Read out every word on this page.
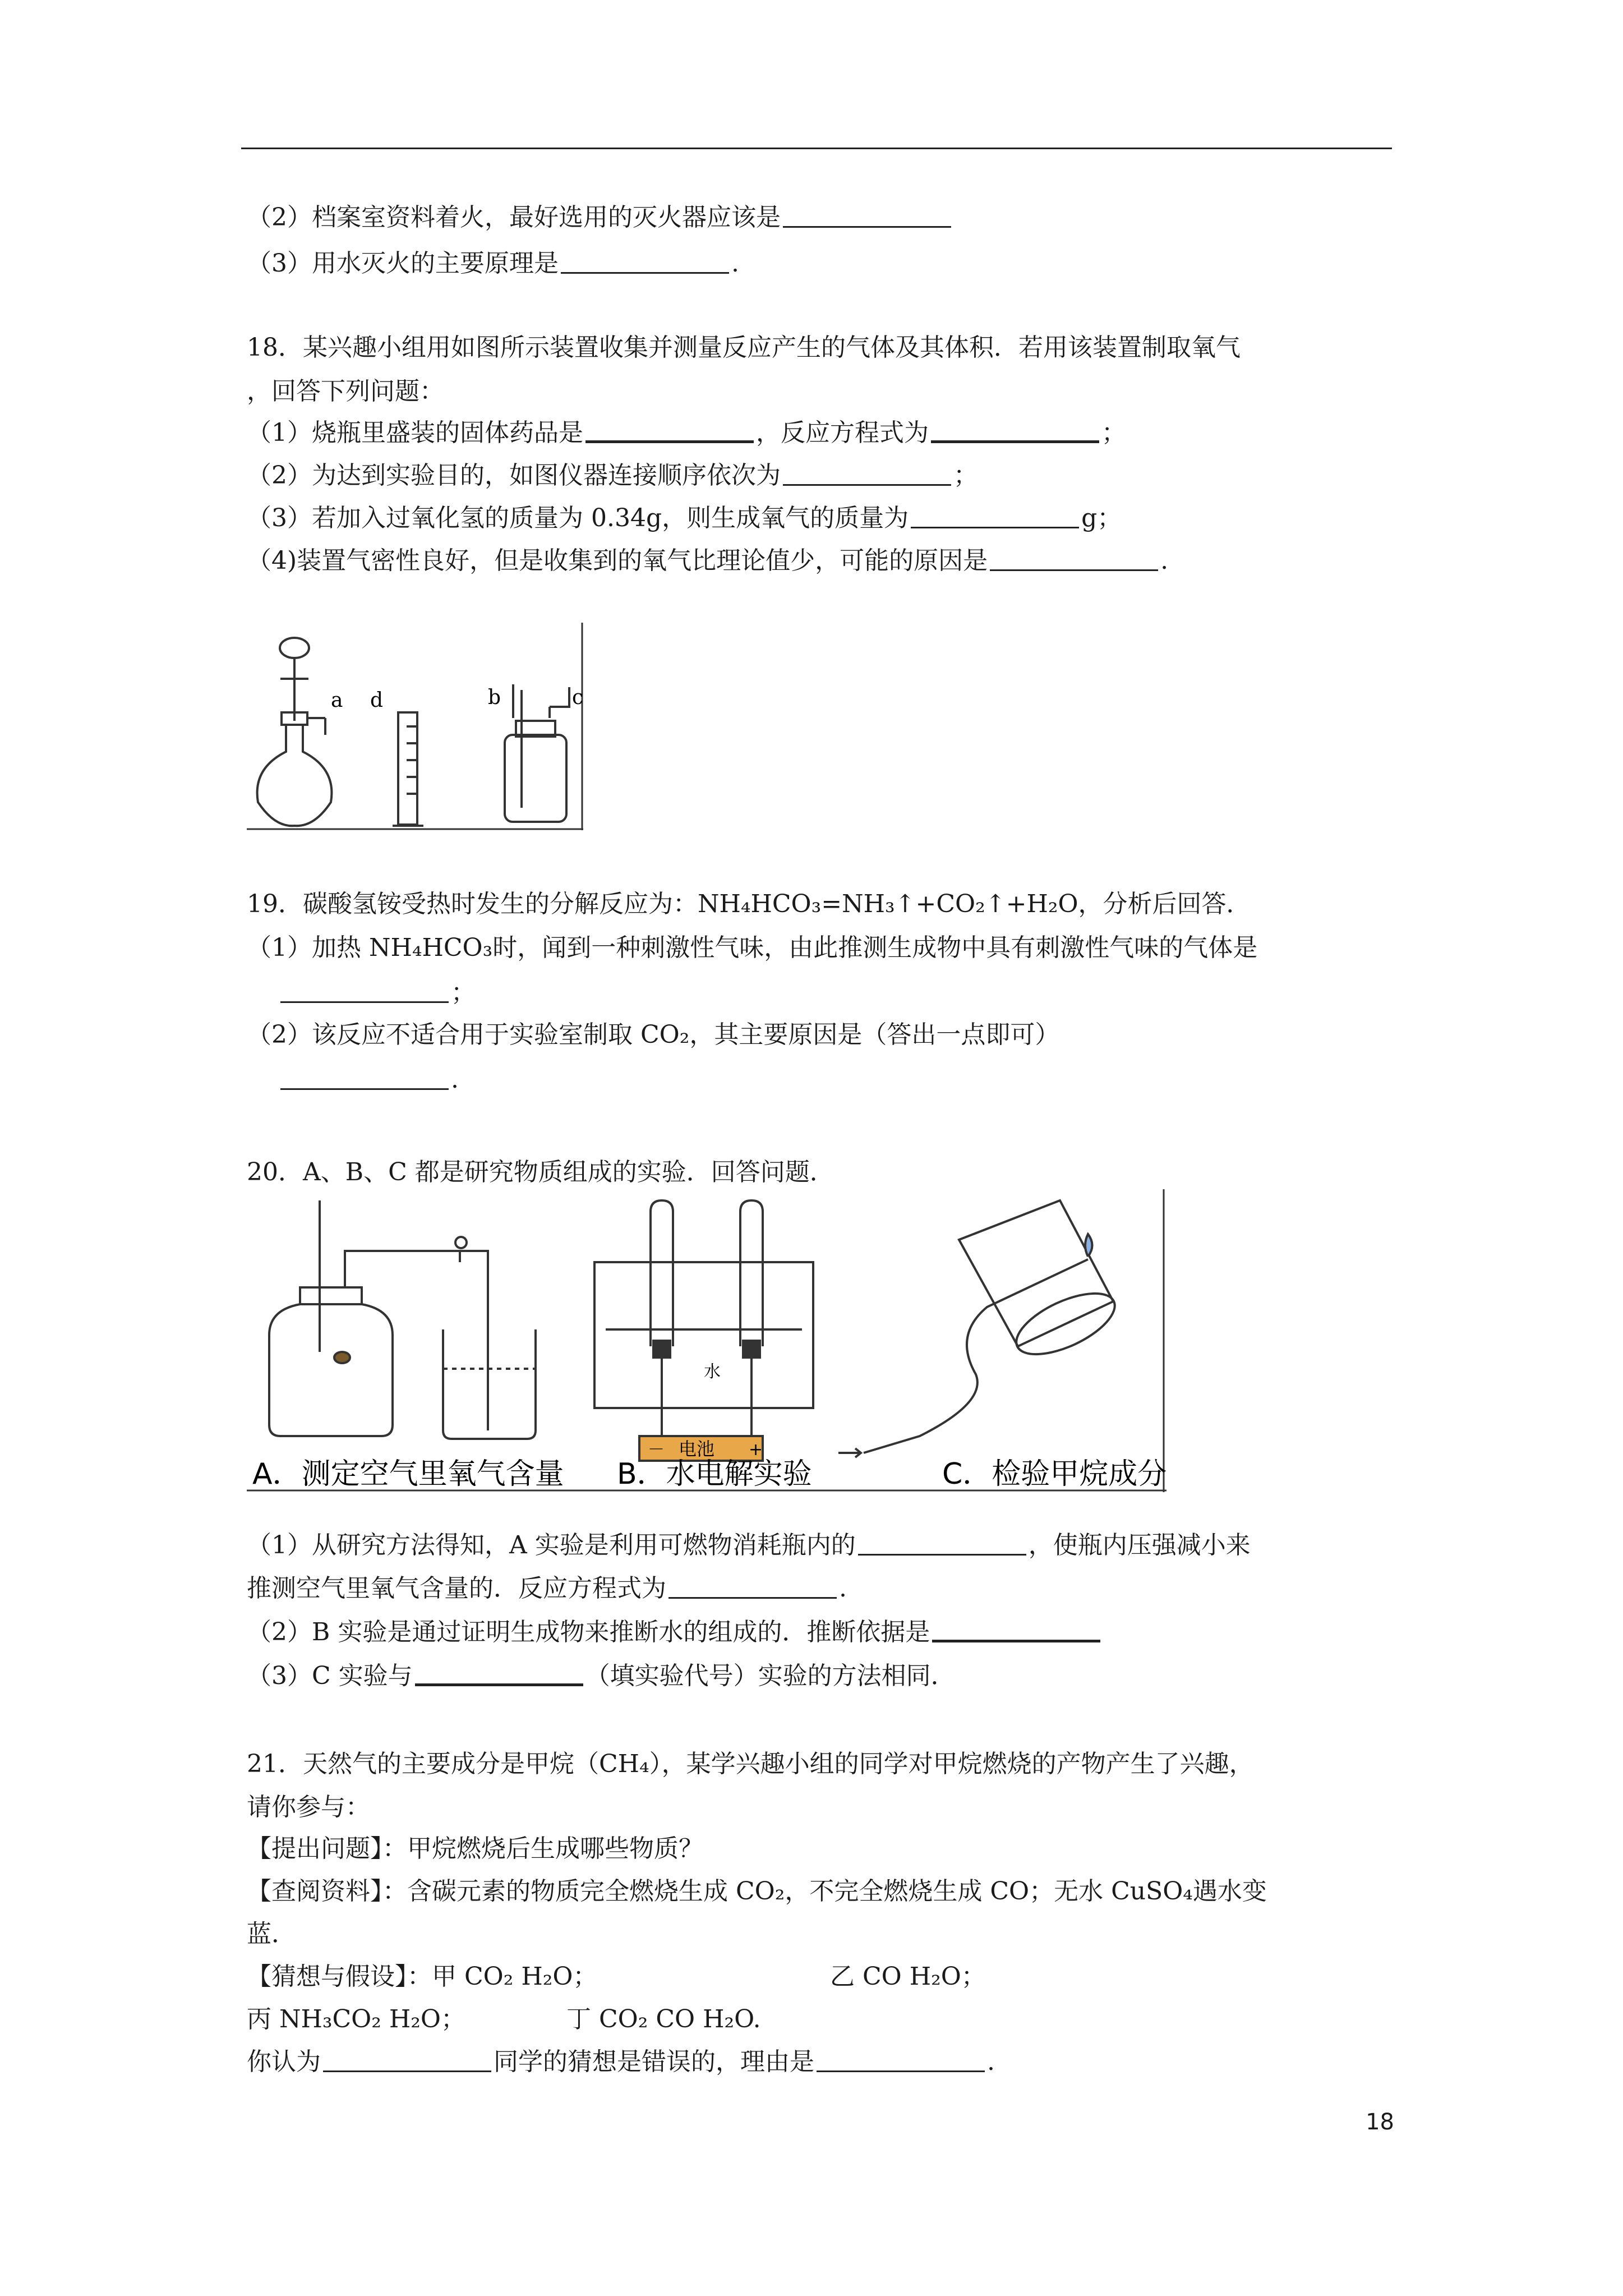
（2）档案室资料着火，最好选用的灭火器应该是
（3）用水灭火的主要原理是	.
18．某兴趣小组用如图所示装置收集并测量反应产生的气体及其体积．若用该装置制取氧气
，回答下列问题：
（1）烧瓶里盛装的固体药品是	，反应方程式为	；
（2）为达到实验目的，如图仪器连接顺序依次为	；
（3）若加入过氧化氢的质量为 0.34g，则生成氧气的质量为	g；
（4)装置气密性良好，但是收集到的氧气比理论值少，可能的原因是	.
a d	b	c
19．碳酸氢铵受热时发生的分解反应为：NH₄HCO₃=NH₃↑+CO₂↑+H₂O，分析后回答．
（1）加热 NH₄HCO₃时，闻到一种刺激性气味，由此推测生成物中具有刺激性气味的气体是
；
（2）该反应不适合用于实验室制取 CO₂，其主要原因是（答出一点即可）
.
20．A、B、C 都是研究物质组成的实验．回答问题．
水
电池
－	+
A．测定空气里氧气含量 B．水电解实验	C．检验甲烷成分
（1）从研究方法得知，A 实验是利用可燃物消耗瓶内的	，使瓶内压强减小来
推测空气里氧气含量的．反应方程式为	.
（2）B 实验是通过证明生成物来推断水的组成的．推断依据是
（3）C 实验与	（填实验代号）实验的方法相同．
21．天然气的主要成分是甲烷（CH₄），某学兴趣小组的同学对甲烷燃烧的产物产生了兴趣，
请你参与：
【提出问题】：甲烷燃烧后生成哪些物质？
【查阅资料】：含碳元素的物质完全燃烧生成 CO₂，不完全燃烧生成 CO；无水 CuSO₄遇水变
蓝．
【猜想与假设】：甲 CO₂ H₂O；	乙 CO H₂O；
丙 NH₃CO₂ H₂O；	丁 CO₂ CO H₂O.
你认为	同学的猜想是错误的，理由是	.
18
